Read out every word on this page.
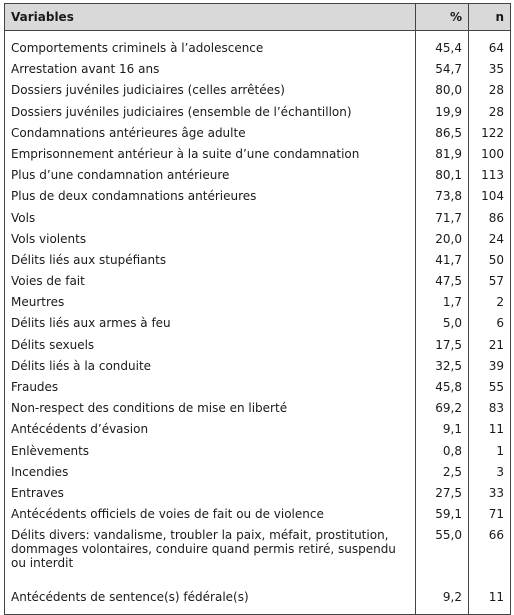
Variables	%	n
Comportements criminels à l’adolescence	45,4	64
Arrestation avant 16 ans	54,7	35
Dossiers juvéniles judiciaires (celles arrêtées)	80,0	28
Dossiers juvéniles judiciaires (ensemble de l’échantillon)	19,9	28
Condamnations antérieures âge adulte	86,5	122
Emprisonnement antérieur à la suite d’une condamnation	81,9	100
Plus d’une condamnation antérieure	80,1	113
Plus de deux condamnations antérieures	73,8	104
Vols	71,7	86
Vols violents	20,0	24
Délits liés aux stupéfiants	41,7	50
Voies de fait	47,5	57
Meurtres	1,7	2
Délits liés aux armes à feu	5,0	6
Délits sexuels	17,5	21
Délits liés à la conduite	32,5	39
Fraudes	45,8	55
Non-respect des conditions de mise en liberté	69,2	83
Antécédents d’évasion	9,1	11
Enlèvements	0,8	1
Incendies	2,5	3
Entraves	27,5	33
Antécédents officiels de voies de fait ou de violence	59,1	71
Délits divers: vandalisme, troubler la paix, méfait, prostitution, dommages volontaires, conduire quand permis retiré, suspendu ou interdit	55,0	66
Antécédents de sentence(s) fédérale(s)	9,2	11
